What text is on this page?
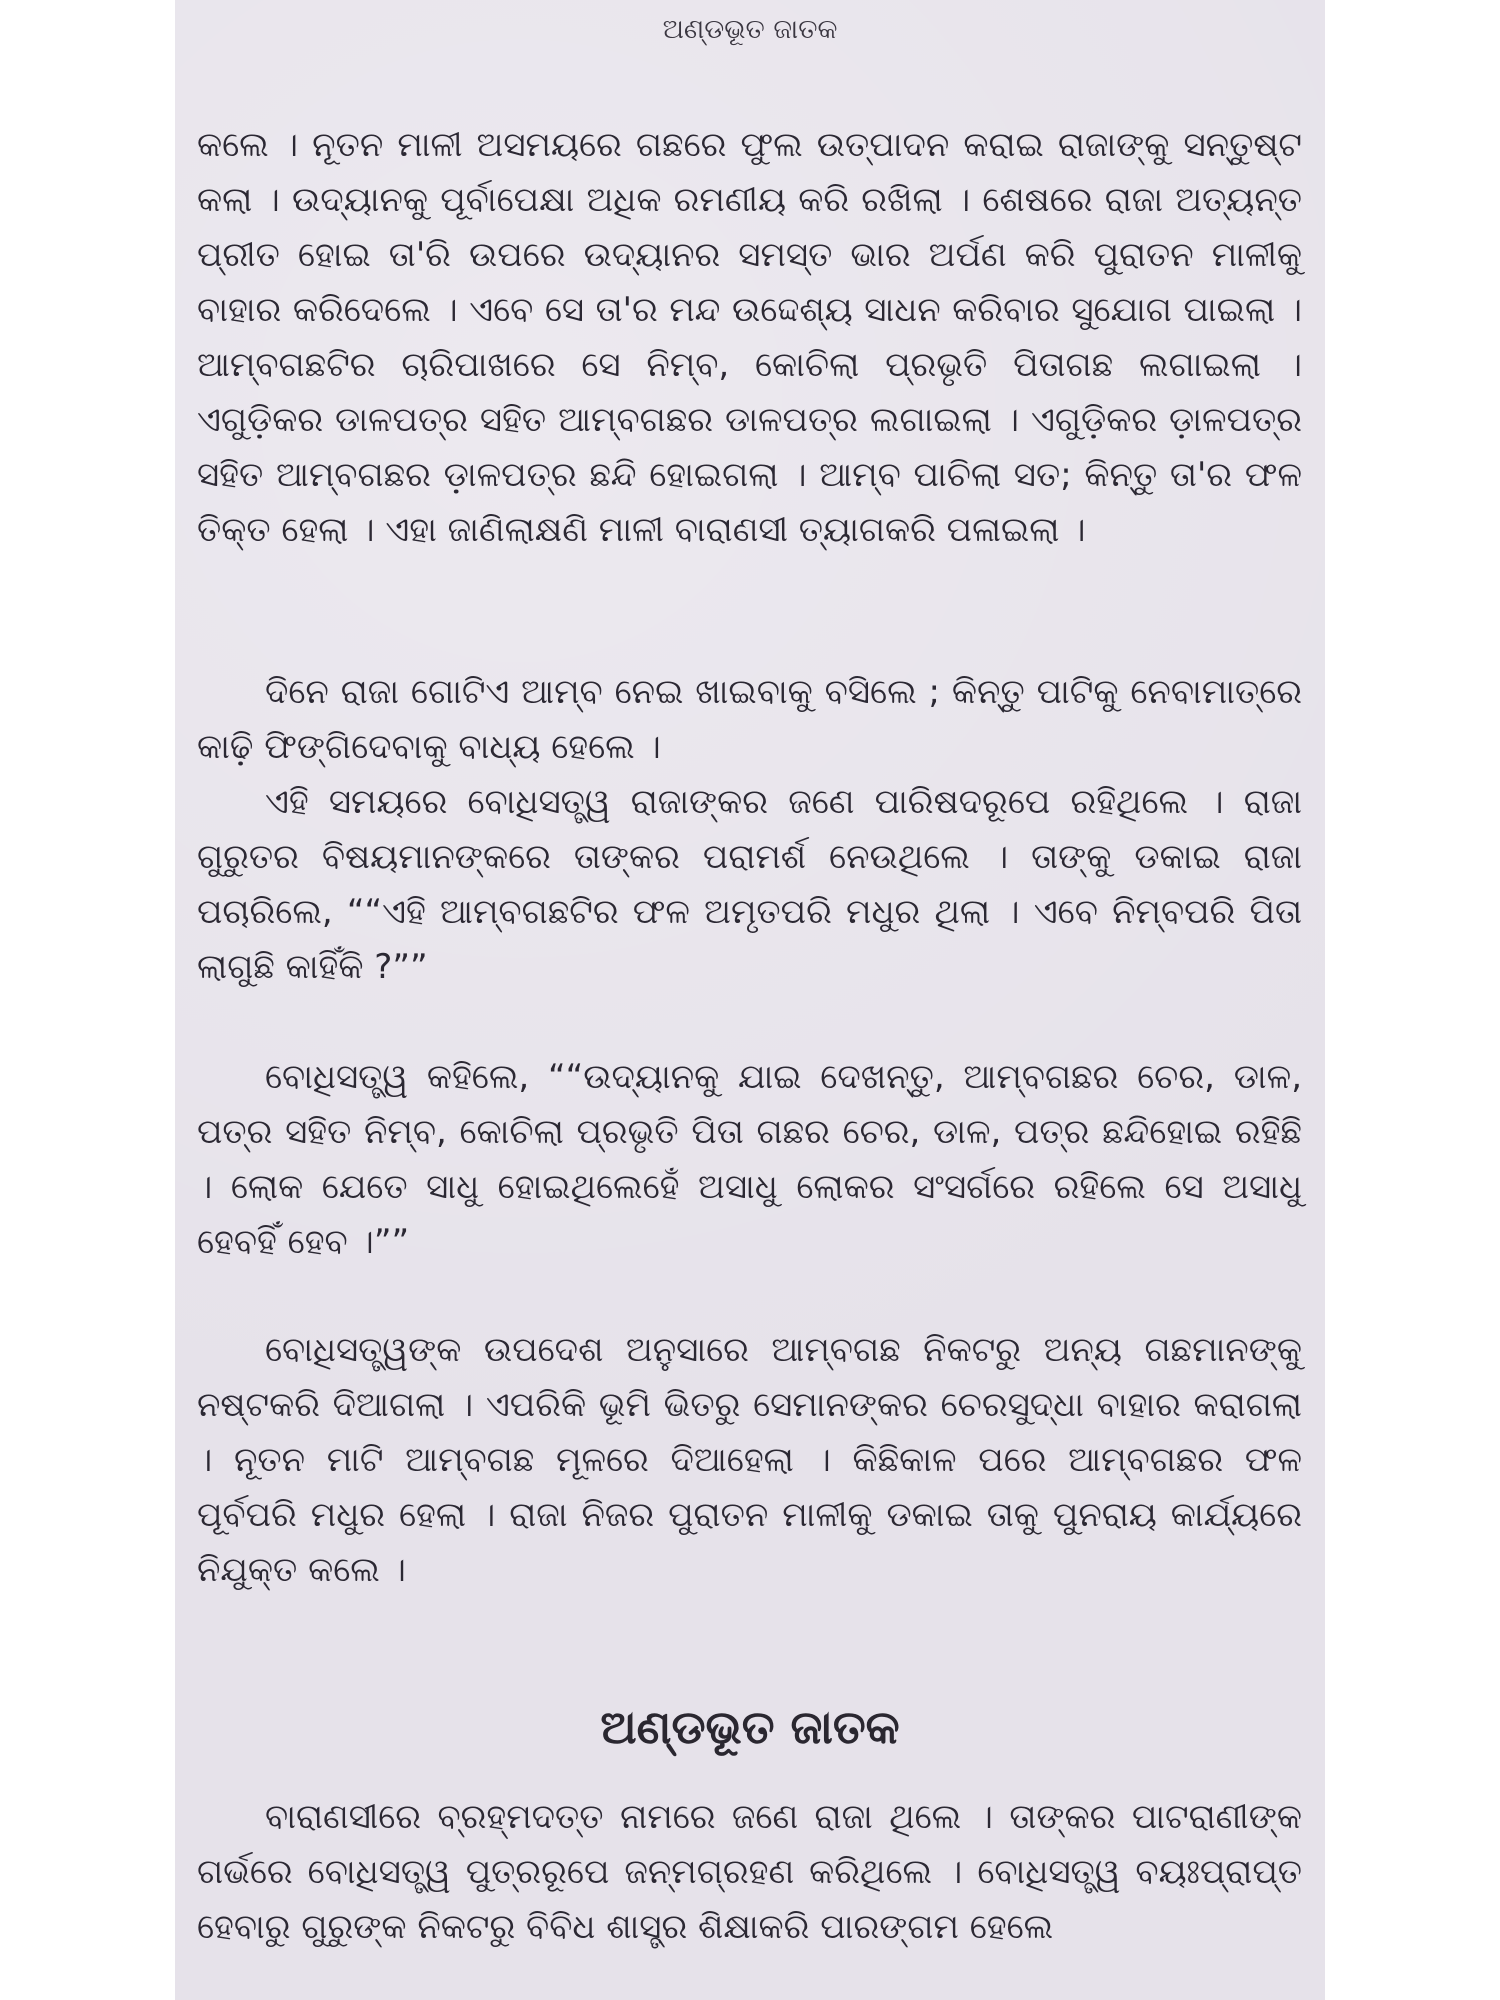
ଅଣ୍ଡଭୂତ ଜାତକ

କଲେ । ନୂତନ ମାଳୀ ଅସମୟରେ ଗଛରେ ଫୁଲ ଉତ୍ପାଦନ କରାଇ ରାଜାଙ୍କୁ ସନ୍ତୁଷ୍ଟ କଲା । ଉଦ୍ୟାନକୁ ପୂର୍ବାପେକ୍ଷା ଅଧିକ ରମଣୀୟ କରି ରଖିଲା । ଶେଷରେ ରାଜା ଅତ୍ୟନ୍ତ ପ୍ରୀତ ହୋଇ ତା'ରି ଉପରେ ଉଦ୍ୟାନର ସମସ୍ତ ଭାର ଅର୍ପଣ କରି ପୁରାତନ ମାଳୀକୁ ବାହାର କରିଦେଲେ । ଏବେ ସେ ତା'ର ମନ୍ଦ ଉଦ୍ଦେଶ୍ୟ ସାଧନ କରିବାର ସୁଯୋଗ ପାଇଲା । ଆମ୍ବଗଛଟିର ଚାରିପାଖରେ ସେ ନିମ୍ବ, କୋଚିଲା ପ୍ରଭୃତି ପିତାଗଛ ଲଗାଇଲା । ଏଗୁଡ଼ିକର ଡାଳପତ୍ର ସହିତ ଆମ୍ବଗଛର ଡାଳପତ୍ର ଲଗାଇଲା । ଏଗୁଡ଼ିକର ଡ଼ାଳପତ୍ର ସହିତ ଆମ୍ବଗଛର ଡ଼ାଳପତ୍ର ଛନ୍ଦି ହୋଇଗଲା । ଆମ୍ବ ପାଚିଲା ସତ; କିନ୍ତୁ ତା'ର ଫଳ ତିକ୍ତ ହେଲା । ଏହା ଜାଣିଲାକ୍ଷଣି ମାଳୀ ବାରାଣସୀ ତ୍ୟାଗକରି ପଳାଇଲା ।

ଦିନେ ରାଜା ଗୋଟିଏ ଆମ୍ବ ନେଇ ଖାଇବାକୁ ବସିଲେ ; କିନ୍ତୁ ପାଟିକୁ ନେବାମାତ୍ରେ କାଢ଼ି ଫିଙ୍ଗିଦେବାକୁ ବାଧ୍ୟ ହେଲେ ।

ଏହି ସମୟରେ ବୋଧିସତ୍ତ୍ୱ ରାଜାଙ୍କର ଜଣେ ପାରିଷଦରୂପେ ରହିଥିଲେ । ରାଜା ଗୁରୁତର ବିଷୟମାନଙ୍କରେ ତାଙ୍କର ପରାମର୍ଶ ନେଉଥିଲେ । ତାଙ୍କୁ ଡକାଇ ରାଜା ପଚାରିଲେ, ““ଏହି ଆମ୍ବଗଛଟିର ଫଳ ଅମୃତପରି ମଧୁର ଥିଲା । ଏବେ ନିମ୍ବପରି ପିତା ଲାଗୁଛି କାହିଁକି ?””

ବୋଧିସତ୍ତ୍ୱ କହିଲେ, ““ଉଦ୍ୟାନକୁ ଯାଇ ଦେଖନ୍ତୁ, ଆମ୍ବଗଛର ଚେର, ଡାଳ, ପତ୍ର ସହିତ ନିମ୍ବ, କୋଚିଲା ପ୍ରଭୃତି ପିତା ଗଛର ଚେର, ଡାଳ, ପତ୍ର ଛନ୍ଦିହୋଇ ରହିଛି । ଲୋକ ଯେତେ ସାଧୁ ହୋଇଥିଲେହେଁ ଅସାଧୁ ଲୋକର ସଂସର୍ଗରେ ରହିଲେ ସେ ଅସାଧୁ ହେବହିଁ ହେବ ।””

ବୋଧିସତ୍ତ୍ୱଙ୍କ ଉପଦେଶ ଅନୁସାରେ ଆମ୍ବଗଛ ନିକଟରୁ ଅନ୍ୟ ଗଛମାନଙ୍କୁ ନଷ୍ଟକରି ଦିଆଗଲା । ଏପରିକି ଭୂମି ଭିତରୁ ସେମାନଙ୍କର ଚେରସୁଦ୍ଧା ବାହାର କରାଗଲା । ନୂତନ ମାଟି ଆମ୍ବଗଛ ମୂଳରେ ଦିଆହେଲା । କିଛିକାଳ ପରେ ଆମ୍ବଗଛର ଫଳ ପୂର୍ବପରି ମଧୁର ହେଲା । ରାଜା ନିଜର ପୁରାତନ ମାଳୀକୁ ଡକାଇ ତାକୁ ପୁନରାୟ କାର୍ଯ୍ୟରେ ନିଯୁକ୍ତ କଲେ ।

ଅଣ୍ଡଭୂତ ଜାତକ

ବାରାଣସୀରେ ବ୍ରହ୍ମଦତ୍ତ ନାମରେ ଜଣେ ରାଜା ଥିଲେ । ତାଙ୍କର ପାଟରାଣୀଙ୍କ ଗର୍ଭରେ ବୋଧିସତ୍ତ୍ୱ ପୁତ୍ରରୂପେ ଜନ୍ମଗ୍ରହଣ କରିଥିଲେ । ବୋଧିସତ୍ତ୍ୱ ବୟଃପ୍ରାପ୍ତ ହେବାରୁ ଗୁରୁଙ୍କ ନିକଟରୁ ବିବିଧ ଶାସ୍ତ୍ର ଶିକ୍ଷାକରି ପାରଙ୍ଗମ ହେଲେ
